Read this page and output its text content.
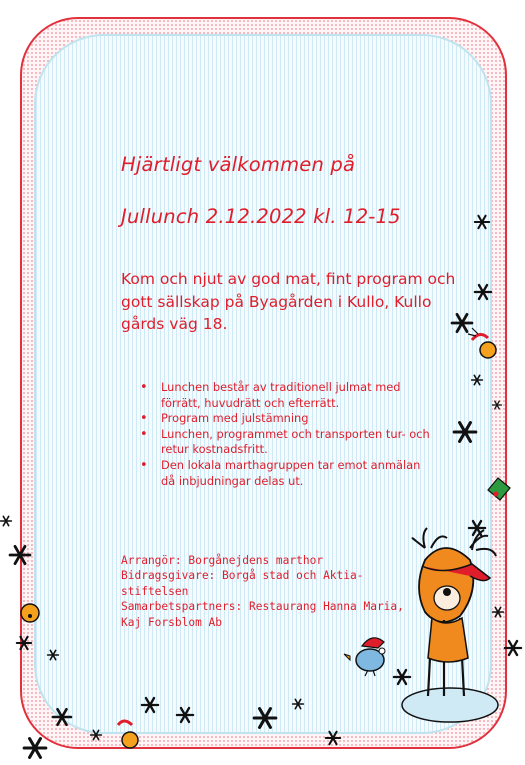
Hjärtligt välkommen på
Jullunch 2.12.2022 kl. 12-15
Kom och njut av god mat, fint program och gott sällskap på Byagården i Kullo, Kullo gårds väg 18.
• Lunchen består av traditionell julmat med förrätt, huvudrätt och efterrätt.
• Program med julstämning
• Lunchen, programmet och transporten tur- och retur kostnadsfritt.
• Den lokala marthagruppen tar emot anmälan då inbjudningar delas ut.
Arrangör: Borgånejdens marthor
Bidragsgivare: Borgå stad och Aktia- stiftelsen
Samarbetspartners: Restaurang Hanna Maria, Kaj Forsblom Ab
